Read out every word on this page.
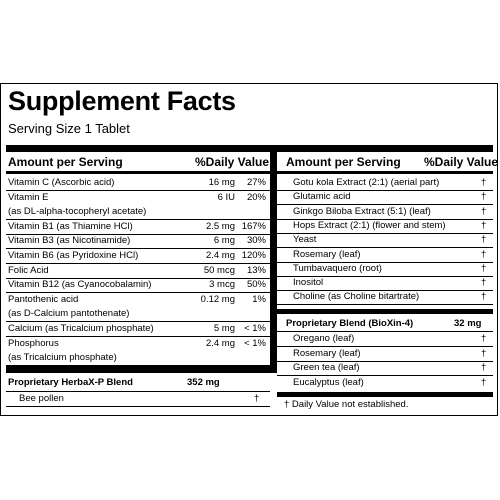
Supplement Facts
Serving Size 1 Tablet
Amount per Serving	%Daily Value Amount per Serving %Daily Value
Vitamin C (Ascorbic acid)	16 mg 27%
Vitamin E	6 IU 20%
(as DL-alpha-tocopheryl acetate)
Vitamin B1 (as Thiamine HCl)	2.5 mg 167%
Vitamin B3 (as Nicotinamide)	6 mg 30%
Vitamin B6 (as Pyridoxine HCl)	2.4 mg 120%
Folic Acid	50 mcg 13%
Vitamin B12 (as Cyanocobalamin)	3 mcg 50%
Pantothenic acid	0.12 mg 1%
(as D-Calcium pantothenate)
Calcium (as Tricalcium phosphate)	5 mg < 1%
Phosphorus	2.4 mg < 1%
(as Tricalcium phosphate)
Gotu kola Extract (2:1) (aerial part)	†
Glutamic acid	†
Ginkgo Biloba Extract (5:1) (leaf)	†
Hops Extract (2:1) (flower and stem)	†
Yeast	†
Rosemary (leaf)	†
Tumbavaquero (root)	†
Inositol	†
Choline (as Choline bitartrate)	†
Proprietary HerbaX-P Blend	352 mg
Bee pollen	†
Proprietary Blend (BioXin-4)	32 mg
Oregano (leaf)	†
Rosemary (leaf)	†
Green tea (leaf)	†
Eucalyptus (leaf)	†
† Daily Value not established.
